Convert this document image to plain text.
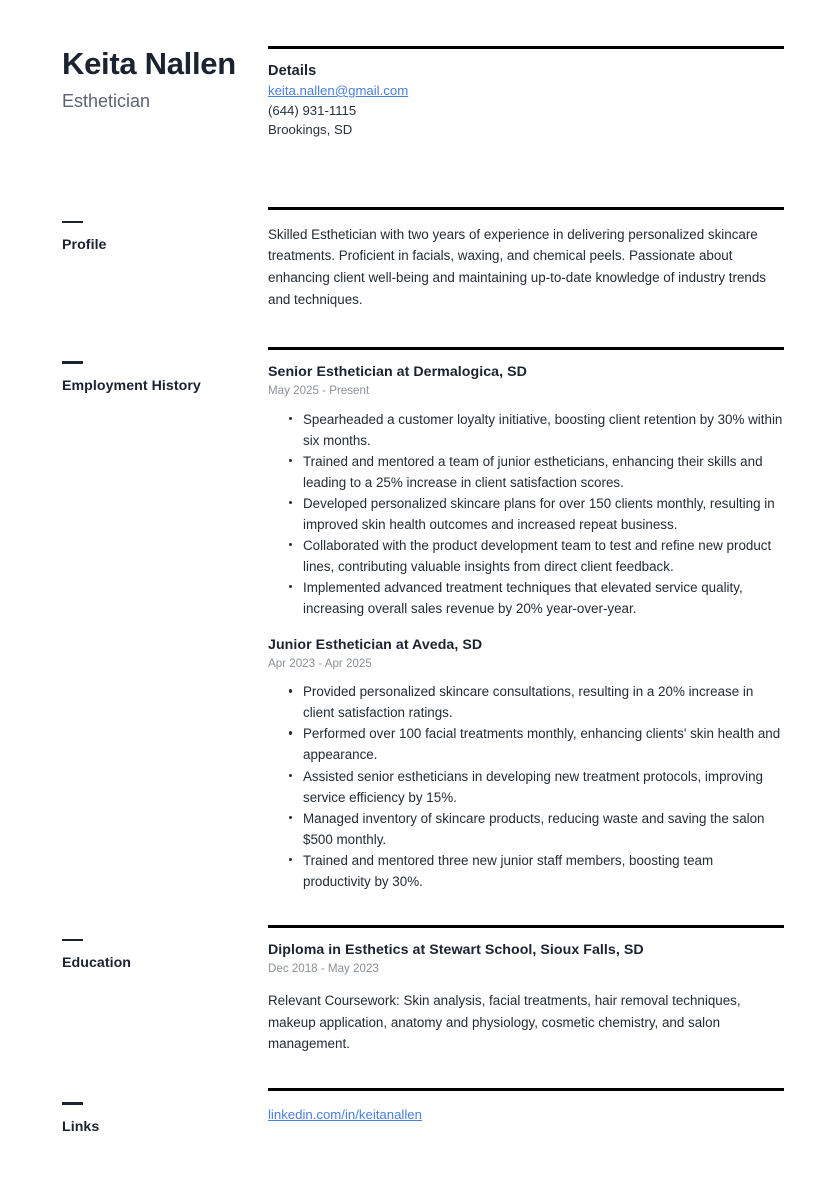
Keita Nallen
Esthetician
Details
keita.nallen@gmail.com
(644) 931-1115
Brookings, SD
Profile

Skilled Esthetician with two years of experience in delivering personalized skincare treatments. Proficient in facials, waxing, and chemical peels. Passionate about enhancing client well-being and maintaining up-to-date knowledge of industry trends and techniques.

Employment History
Senior Esthetician at Dermalogica, SD
May 2025 - Present
Spearheaded a customer loyalty initiative, boosting client retention by 30% within six months.
Trained and mentored a team of junior estheticians, enhancing their skills and leading to a 25% increase in client satisfaction scores.
Developed personalized skincare plans for over 150 clients monthly, resulting in improved skin health outcomes and increased repeat business.
Collaborated with the product development team to test and refine new product lines, contributing valuable insights from direct client feedback.
Implemented advanced treatment techniques that elevated service quality, increasing overall sales revenue by 20% year-over-year.
Junior Esthetician at Aveda, SD
Apr 2023 - Apr 2025
Provided personalized skincare consultations, resulting in a 20% increase in client satisfaction ratings.
Performed over 100 facial treatments monthly, enhancing clients' skin health and appearance.
Assisted senior estheticians in developing new treatment protocols, improving service efficiency by 15%.
Managed inventory of skincare products, reducing waste and saving the salon $500 monthly.
Trained and mentored three new junior staff members, boosting team productivity by 30%.
Education
Diploma in Esthetics at Stewart School, Sioux Falls, SD
Dec 2018 - May 2023

Relevant Coursework: Skin analysis, facial treatments, hair removal techniques, makeup application, anatomy and physiology, cosmetic chemistry, and salon management.

Links
linkedin.com/in/keitanallen
